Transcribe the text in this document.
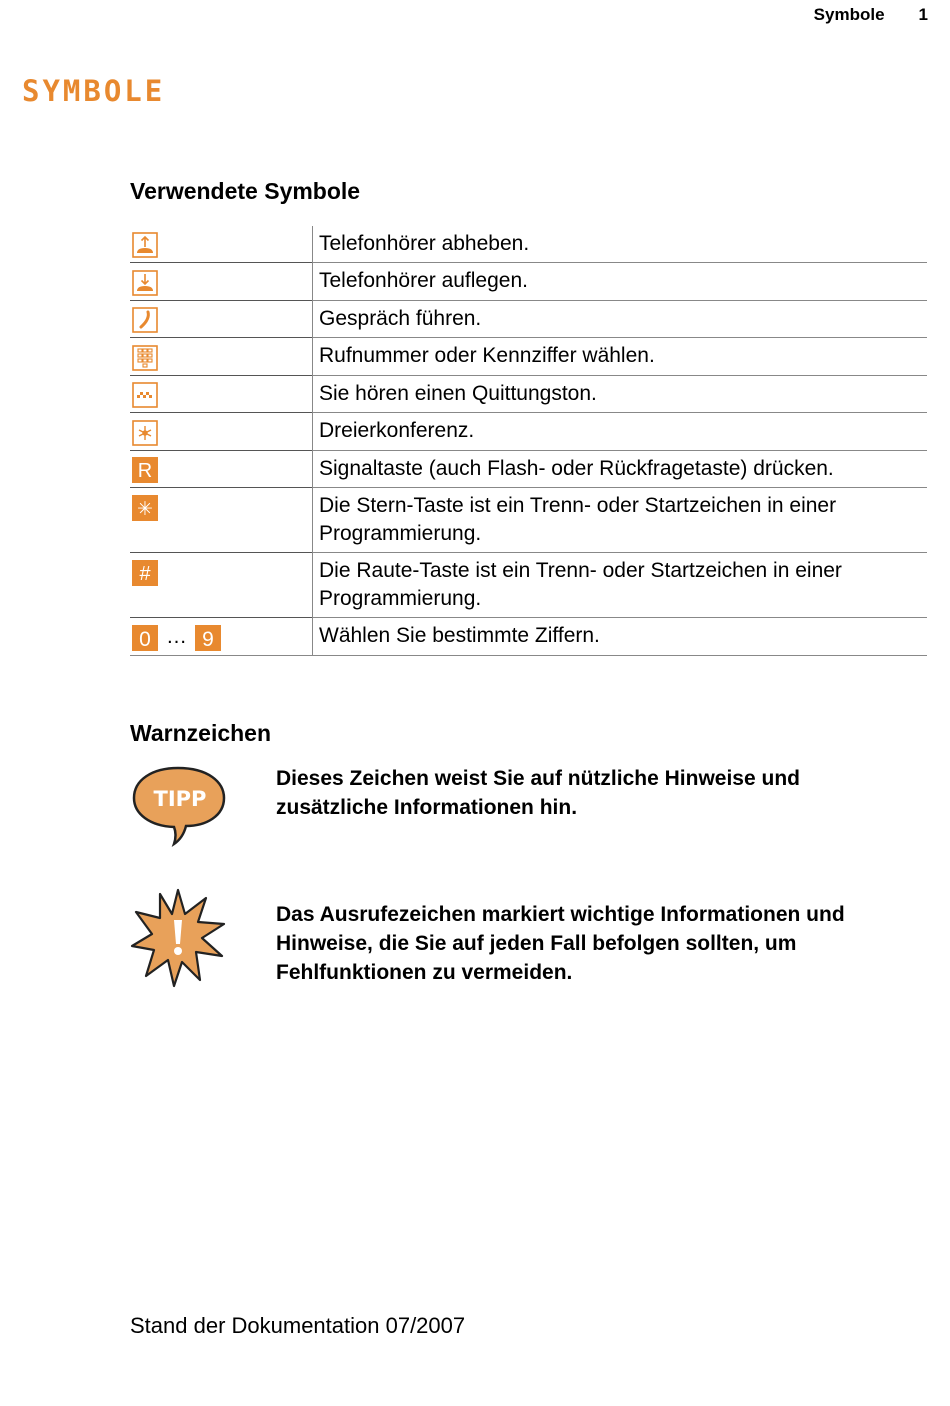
Symbole 1
SYMBOLE
Verwendete Symbole
	Telefonhörer abheben.

	Telefonhörer auflegen.

	Gespräch führen.

	Rufnummer oder Kennziffer wählen.

	Sie hören einen Quittungston.

	Dreierkonferenz.

R	Signaltaste (auch Flash- oder Rückfragetaste) drücken.

✳	Die Stern-Taste ist ein Trenn- oder Startzeichen in einer Programmierung.

#	Die Raute-Taste ist ein Trenn- oder Startzeichen in einer Programmierung.

0 … 9	Wählen Sie bestimmte Ziffern.
Warnzeichen
TIPP
Dieses Zeichen weist Sie auf nützliche Hinweise und zusätzliche Informationen hin.
Das Ausrufezeichen markiert wichtige Informationen und Hinweise, die Sie auf jeden Fall befolgen sollten, um Fehlfunktionen zu vermeiden.
Stand der Dokumentation 07/2007
